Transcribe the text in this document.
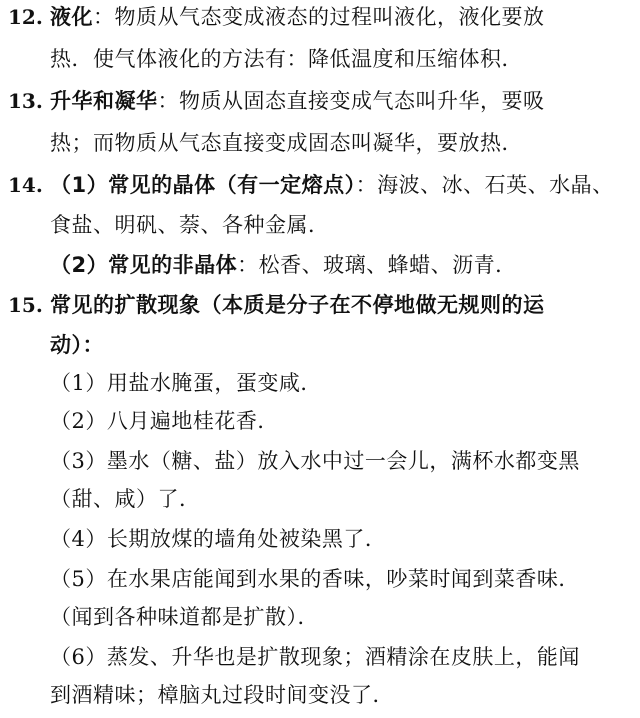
12. 液化：物质从气态变成液态的过程叫液化，液化要放
热．使气体液化的方法有：降低温度和压缩体积．
13. 升华和凝华：物质从固态直接变成气态叫升华，要吸
热；而物质从气态直接变成固态叫凝华，要放热．
14. （1）常见的晶体（有一定熔点）：海波、冰、石英、水晶、
食盐、明矾、萘、各种金属．
（2）常见的非晶体：松香、玻璃、蜂蜡、沥青．
15. 常见的扩散现象（本质是分子在不停地做无规则的运
动）：
（1）用盐水腌蛋，蛋变咸．
（2）八月遍地桂花香．
（3）墨水（糖、盐）放入水中过一会儿，满杯水都变黑
（甜、咸）了．
（4）长期放煤的墙角处被染黑了．
（5）在水果店能闻到水果的香味，吵菜时闻到菜香味．
（闻到各种味道都是扩散）．
（6）蒸发、升华也是扩散现象；酒精涂在皮肤上，能闻
到酒精味；樟脑丸过段时间变没了．
